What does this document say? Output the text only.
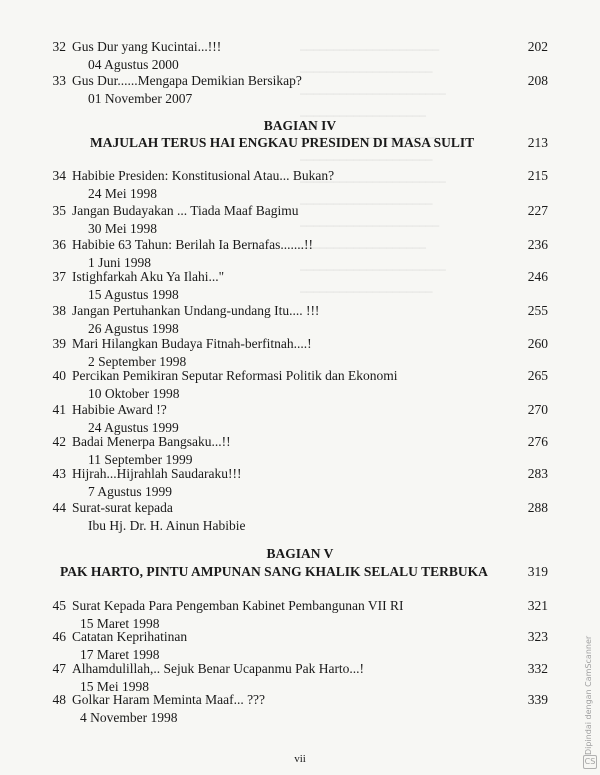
32 Gus Dur yang Kucintai...!!!	202
04 Agustus 2000
33 Gus Dur......Mengapa Demikian Bersikap?	208
01 November 2007
BAGIAN IV
MAJULAH TERUS HAI ENGKAU PRESIDEN DI MASA SULIT	213
34 Habibie Presiden: Konstitusional Atau... Bukan?	215
24 Mei 1998
35 Jangan Budayakan ... Tiada Maaf Bagimu	227
30 Mei 1998
36 Habibie 63 Tahun: Berilah Ia Bernafas.......!!	236
1 Juni 1998
37 Istighfarkah Aku Ya Ilahi..."	246
15 Agustus 1998
38 Jangan Pertuhankan Undang-undang Itu.... !!!	255
26 Agustus 1998
39 Mari Hilangkan Budaya Fitnah-berfitnah....!	260
2 September 1998
40 Percikan Pemikiran Seputar Reformasi Politik dan Ekonomi	265
10 Oktober 1998
41 Habibie Award !?	270
24 Agustus 1999
42 Badai Menerpa Bangsaku...!!	276
11 September 1999
43 Hijrah...Hijrahlah Saudaraku!!!	283
7 Agustus 1999
44 Surat-surat kepada	288
Ibu Hj. Dr. H. Ainun Habibie
BAGIAN V
PAK HARTO, PINTU AMPUNAN SANG KHALIK SELALU TERBUKA	319
45 Surat Kepada Para Pengemban Kabinet Pembangunan VII RI	321
15 Maret 1998
46 Catatan Keprihatinan	323
17 Maret 1998
47 Alhamdulillah,.. Sejuk Benar Ucapanmu Pak Harto...!	332
15 Mei 1998
48 Golkar Haram Meminta Maaf... ???	339
4 November 1998
vii
Dipindai dengan CamScanner
CS
